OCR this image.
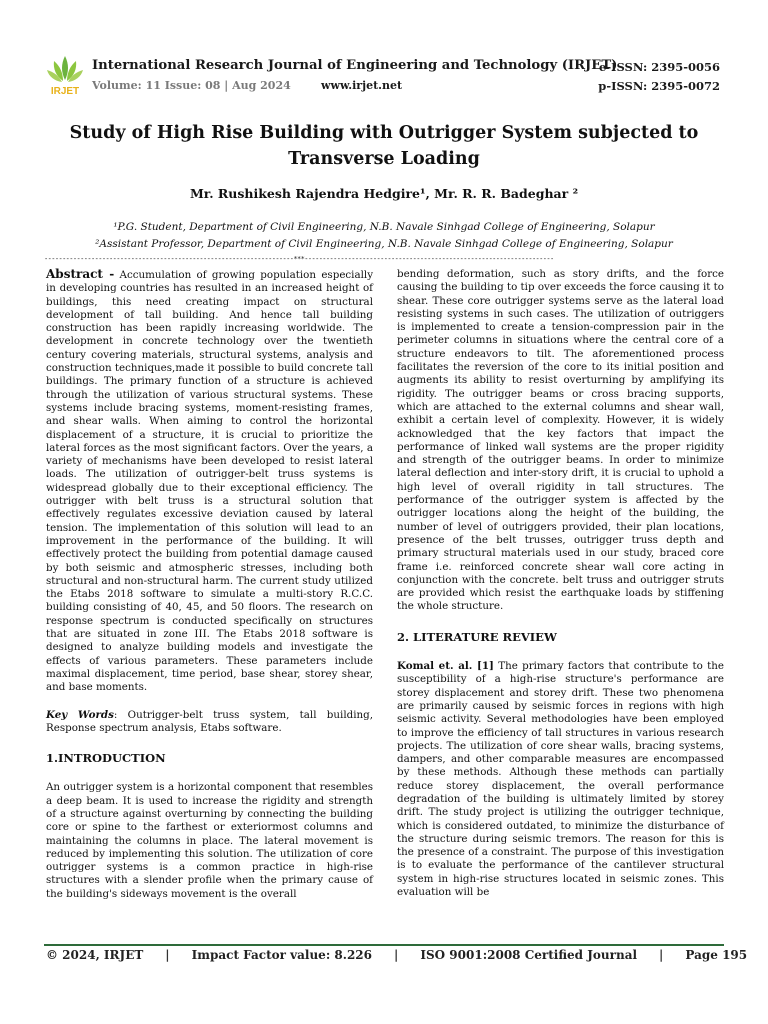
IRJET
International Research Journal of Engineering and Technology (IRJET)
Volume: 11 Issue: 08 | Aug 2024	www.irjet.net
e-ISSN: 2395-0056
p-ISSN: 2395-0072
Study of High Rise Building with Outrigger System subjected to Transverse Loading
Mr. Rushikesh Rajendra Hedgire¹, Mr. R. R. Badeghar ²
¹P.G. Student, Department of Civil Engineering, N.B. Navale Sinhgad College of Engineering, Solapur
²Assistant Professor, Department of Civil Engineering, N.B. Navale Sinhgad College of Engineering, Solapur
---------------------------------------------------------------------***---------------------------------------------------------------------

Abstract - Accumulation of growing population especially in developing countries has resulted in an increased height of buildings, this need creating impact on structural development of tall building. And hence tall building construction has been rapidly increasing worldwide. The development in concrete technology over the twentieth century covering materials, structural systems, analysis and construction techniques,made it possible to build concrete tall buildings. The primary function of a structure is achieved through the utilization of various structural systems. These systems include bracing systems, moment-resisting frames, and shear walls. When aiming to control the horizontal displacement of a structure, it is crucial to prioritize the lateral forces as the most significant factors. Over the years, a variety of mechanisms have been developed to resist lateral loads. The utilization of outrigger-belt truss systems is widespread globally due to their exceptional efficiency. The outrigger with belt truss is a structural solution that effectively regulates excessive deviation caused by lateral tension. The implementation of this solution will lead to an improvement in the performance of the building. It will effectively protect the building from potential damage caused by both seismic and atmospheric stresses, including both structural and non-structural harm. The current study utilized the Etabs 2018 software to simulate a multi-story R.C.C. building consisting of 40, 45, and 50 floors. The research on response spectrum is conducted specifically on structures that are situated in zone III. The Etabs 2018 software is designed to analyze building models and investigate the effects of various parameters. These parameters include maximal displacement, time period, base shear, storey shear, and base moments.

Key Words: Outrigger-belt truss system, tall building, Response spectrum analysis, Etabs software.

1.INTRODUCTION

An outrigger system is a horizontal component that resembles a deep beam. It is used to increase the rigidity and strength of a structure against overturning by connecting the building core or spine to the farthest or exteriormost columns and maintaining the columns in place. The lateral movement is reduced by implementing this solution. The utilization of core outrigger systems is a common practice in high-rise structures with a slender profile when the primary cause of the building's sideways movement is the overall

bending deformation, such as story drifts, and the force causing the building to tip over exceeds the force causing it to shear. These core outrigger systems serve as the lateral load resisting systems in such cases. The utilization of outriggers is implemented to create a tension-compression pair in the perimeter columns in situations where the central core of a structure endeavors to tilt. The aforementioned process facilitates the reversion of the core to its initial position and augments its ability to resist overturning by amplifying its rigidity. The outrigger beams or cross bracing supports, which are attached to the external columns and shear wall, exhibit a certain level of complexity. However, it is widely acknowledged that the key factors that impact the performance of linked wall systems are the proper rigidity and strength of the outrigger beams. In order to minimize lateral deflection and inter-story drift, it is crucial to uphold a high level of overall rigidity in tall structures. The performance of the outrigger system is affected by the outrigger locations along the height of the building, the number of level of outriggers provided, their plan locations, presence of the belt trusses, outrigger truss depth and primary structural materials used in our study, braced core frame i.e. reinforced concrete shear wall core acting in conjunction with the concrete. belt truss and outrigger struts are provided which resist the earthquake loads by stiffening the whole structure.

2. LITERATURE REVIEW

Komal et. al. [1] The primary factors that contribute to the susceptibility of a high-rise structure's performance are storey displacement and storey drift. These two phenomena are primarily caused by seismic forces in regions with high seismic activity. Several methodologies have been employed to improve the efficiency of tall structures in various research projects. The utilization of core shear walls, bracing systems, dampers, and other comparable measures are encompassed by these methods. Although these methods can partially reduce storey displacement, the overall performance degradation of the building is ultimately limited by storey drift. The study project is utilizing the outrigger technique, which is considered outdated, to minimize the disturbance of the structure during seismic tremors. The reason for this is the presence of a constraint. The purpose of this investigation is to evaluate the performance of the cantilever structural system in high-rise structures located in seismic zones. This evaluation will be

© 2024, IRJET | Impact Factor value: 8.226 | ISO 9001:2008 Certified Journal | Page 195
